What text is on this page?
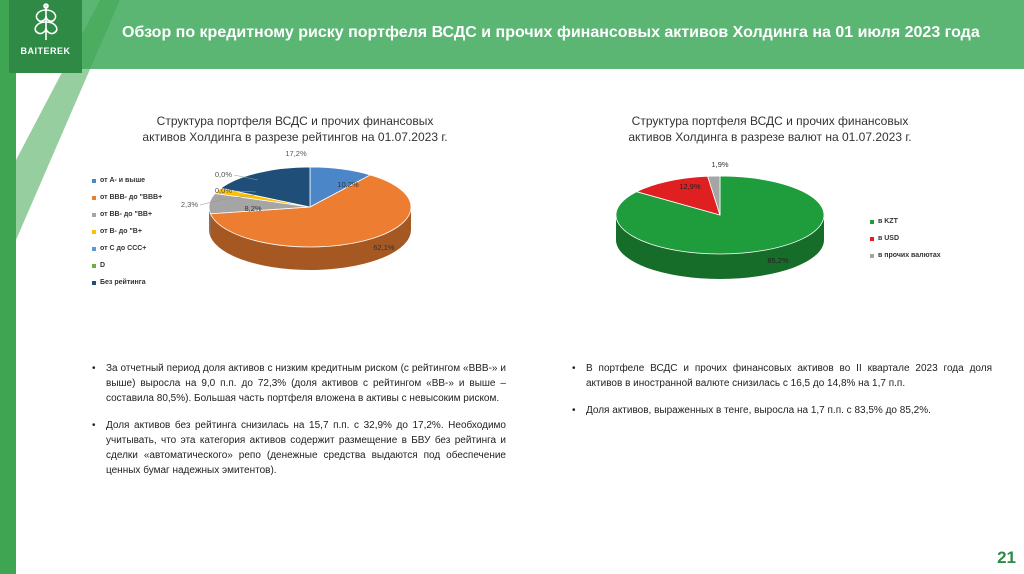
BAITEREK
Обзор по кредитному риску портфеля ВСДС и прочих финансовых активов Холдинга на 01 июля 2023 года
Структура портфеля ВСДС и прочих финансовых
активов Холдинга в разрезе рейтингов на 01.07.2023 г.
от А- и выше
от ВВВ- до "ВВВ+
от ВВ- до "ВВ+
от В- до "В+
от С до ССС+
D
Без рейтинга
10,2%
62,1%
8,2%
2,3%
0,0%
0,0%
17,2%
Структура портфеля ВСДС и прочих финансовых
активов Холдинга в разрезе валют на 01.07.2023 г.
85,2%
12,9%
1,9%
в KZT
в USD
в прочих валютах
• За отчетный период доля активов с низким кредитным риском (с рейтингом «ВВВ-» и выше) выросла на 9,0 п.п. до 72,3% (доля активов с рейтингом «ВВ-» и выше – составила 80,5%). Большая часть портфеля вложена в активы с невысоким риском.
• Доля активов без рейтинга снизилась на 15,7 п.п. с 32,9% до 17,2%. Необходимо учитывать, что эта категория активов содержит размещение в БВУ без рейтинга и сделки «автоматического» репо (денежные средства выдаются под обеспечение ценных бумаг надежных эмитентов).
• В портфеле ВСДС и прочих финансовых активов во II квартале 2023 года доля активов в иностранной валюте снизилась с 16,5 до 14,8% на 1,7 п.п.
• Доля активов, выраженных в тенге, выросла на 1,7 п.п. с 83,5% до 85,2%.
21
